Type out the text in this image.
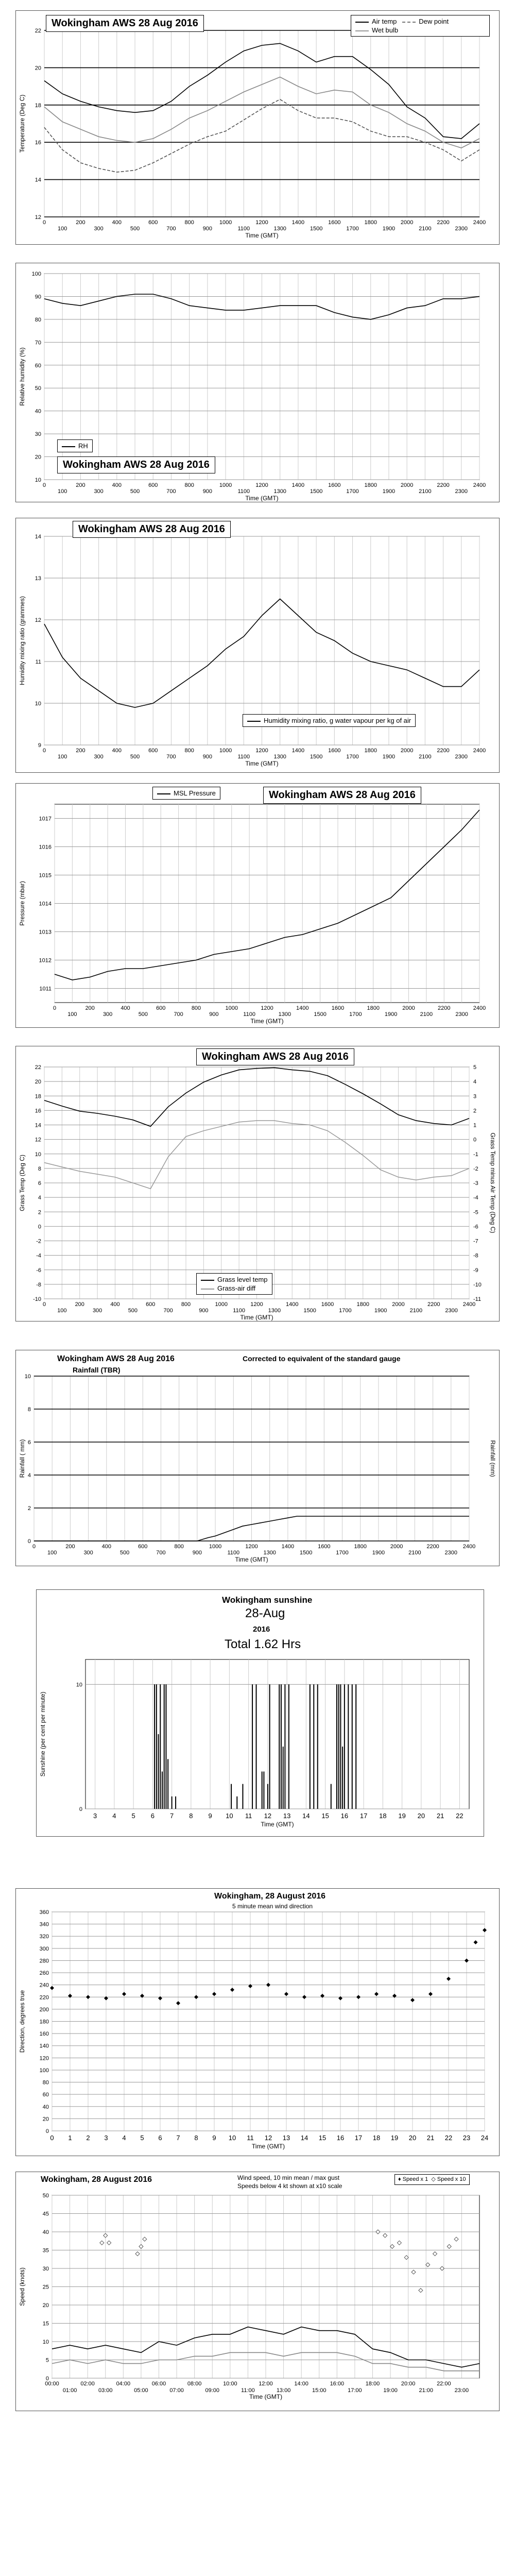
0
100
200
300
400
500
600
700
800
900
1000
1100
1200
1300
1400
1500
1600
1700
1800
1900
2000
2100
2200
2300
2400
12
14
16
18
20
22
Time (GMT)
Temperature (Deg C)
Wokingham AWS 28 Aug 2016	Air temp	Dew point
Wet bulb
0
100
200
300
400
500
600
700
800
900
1000
1100
1200
1300
1400
1500
1600
1700
1800
1900
2000
2100
2200
2300
2400
10
20
30
40
50
60
70
80
90
100
Time (GMT)
Relative humidity (%)
RH
Wokingham AWS 28 Aug 2016
0
100
200
300
400
500
600
700
800
900
1000
1100
1200
1300
1400
1500
1600
1700
1800
1900
2000
2100
2200
2300
2400
9
10
11
12
13
14
Time (GMT)
Humidity mixing ratio (grammes)
Wokingham AWS 28 Aug 2016
Humidity mixing ratio, g water vapour per kg of air
0
100
200
300
400
500
600
700
800
900
1000
1100
1200
1300
1400
1500
1600
1700
1800
1900
2000
2100
2200
2300
2400
1011
1012
1013
1014
1015
1016
1017
Time (GMT)
Pressure (mbar)
MSL Pressure	Wokingham AWS 28 Aug 2016
0
100
200
300
400
500
600
700
800
900
1000
1100
1200
1300
1400
1500
1600
1700
1800
1900
2000
2100
2200
2300
2400
-10
-8
-6
-4
-2
0
2
4
6
8
10
12
14
16
18
20
22
-11
-10
-9
-8
-7
-6
-5
-4
-3
-2
-1
0
1
2
3
4
5
Time (GMT)
Grass Temp (Deg C)	Grass Temp minus Air Temp (Deg C)
Wokingham AWS 28 Aug 2016
Grass level temp
Grass-air diff
0
100
200
300
400
500
600
700
800
900
1000
1100
1200
1300
1400
1500
1600
1700
1800
1900
2000
2100
2200
2300
2400
0
2
4
6
8
10
Time (GMT)
Rainfall ( mm)	Rainfall (mm)
Wokingham AWS 28 Aug 2016
Rainfall (TBR)
Corrected to equivalent of the standard gauge
3 4 5 6 7 8 9 10 11 12 13 14 15 16 17 18 19 20 21 22
0
10
Time (GMT)
Sunshine (per cent per minute)
Wokingham sunshine
28-Aug
2016
Total 1.62 Hrs
0 1 2 3 4 5 6 7 8 9 10 11 12 13 14 15 16 17 18 19 20 21 22 23 24
0
20
40
60
80
100
120
140
160
180
200
220
240
260
280
300
320
340
360
Time (GMT)
Direction, degrees true
Wokingham, 28 August 2016
5 minute mean wind direction
00:00	02:00	04:00	06:00	08:00	10:00	12:00	14:00	16:00	18:00	20:00	22:00
01:00	03:00	05:00	07:00	09:00	11:00	13:00	15:00	17:00	19:00	21:00	23:00
0
5
10
15
20
25
30
35
40
45
50
Time (GMT)
Speed (knots)
Wokingham, 28 August 2016	Wind speed, 10 min mean / max gust
Speeds below 4 kt shown at x10 scale
♦ Speed x 1 ◇ Speed x 10
